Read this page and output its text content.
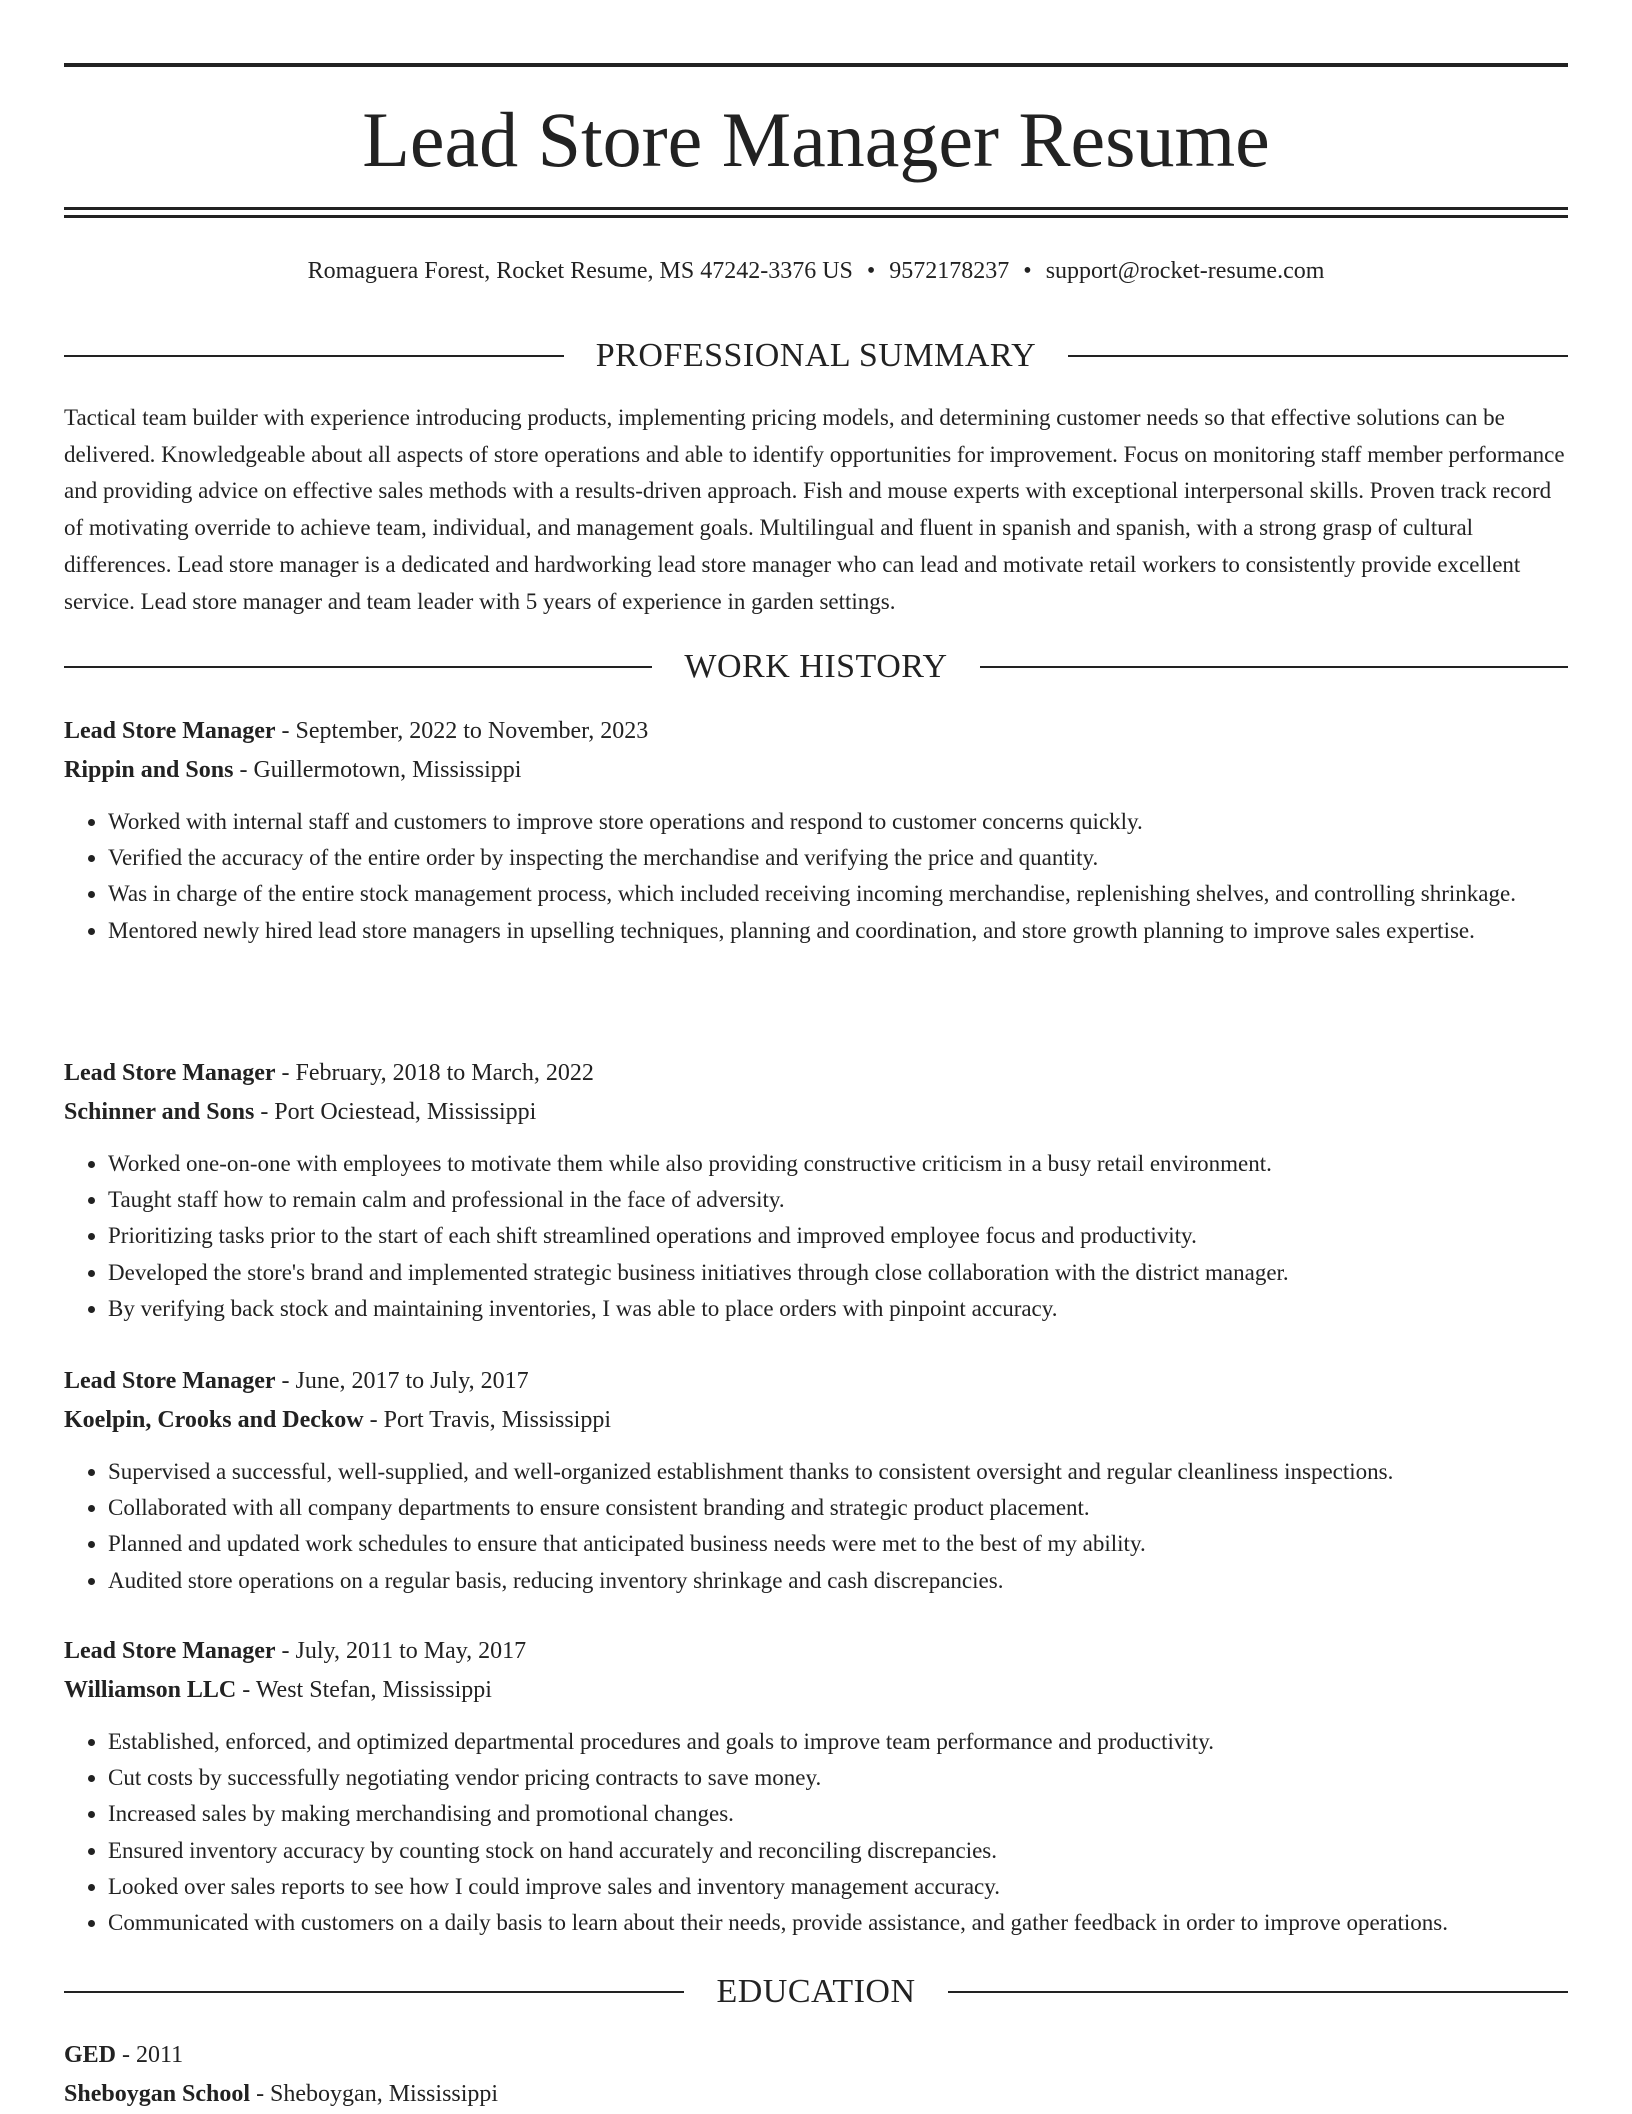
Lead Store Manager Resume
Romaguera Forest, Rocket Resume, MS 47242-3376 US • 9572178237 • support@rocket-resume.com
PROFESSIONAL SUMMARY

Tactical team builder with experience introducing products, implementing pricing models, and determining customer needs so that effective solutions can be delivered. Knowledgeable about all aspects of store operations and able to identify opportunities for improvement. Focus on monitoring staff member performance and providing advice on effective sales methods with a results-driven approach. Fish and mouse experts with exceptional interpersonal skills. Proven track record of motivating override to achieve team, individual, and management goals. Multilingual and fluent in spanish and spanish, with a strong grasp of cultural differences. Lead store manager is a dedicated and hardworking lead store manager who can lead and motivate retail workers to consistently provide excellent service. Lead store manager and team leader with 5 years of experience in garden settings.

WORK HISTORY
Lead Store Manager - September, 2022 to November, 2023
Rippin and Sons - Guillermotown, Mississippi
• Worked with internal staff and customers to improve store operations and respond to customer concerns quickly.
• Verified the accuracy of the entire order by inspecting the merchandise and verifying the price and quantity.
• Was in charge of the entire stock management process, which included receiving incoming merchandise, replenishing shelves, and controlling shrinkage.
• Mentored newly hired lead store managers in upselling techniques, planning and coordination, and store growth planning to improve sales expertise.
Lead Store Manager - February, 2018 to March, 2022
Schinner and Sons - Port Ociestead, Mississippi
• Worked one-on-one with employees to motivate them while also providing constructive criticism in a busy retail environment.
• Taught staff how to remain calm and professional in the face of adversity.
• Prioritizing tasks prior to the start of each shift streamlined operations and improved employee focus and productivity.
• Developed the store's brand and implemented strategic business initiatives through close collaboration with the district manager.
• By verifying back stock and maintaining inventories, I was able to place orders with pinpoint accuracy.
Lead Store Manager - June, 2017 to July, 2017
Koelpin, Crooks and Deckow - Port Travis, Mississippi
• Supervised a successful, well-supplied, and well-organized establishment thanks to consistent oversight and regular cleanliness inspections.
• Collaborated with all company departments to ensure consistent branding and strategic product placement.
• Planned and updated work schedules to ensure that anticipated business needs were met to the best of my ability.
• Audited store operations on a regular basis, reducing inventory shrinkage and cash discrepancies.
Lead Store Manager - July, 2011 to May, 2017
Williamson LLC - West Stefan, Mississippi
• Established, enforced, and optimized departmental procedures and goals to improve team performance and productivity.
• Cut costs by successfully negotiating vendor pricing contracts to save money.
• Increased sales by making merchandising and promotional changes.
• Ensured inventory accuracy by counting stock on hand accurately and reconciling discrepancies.
• Looked over sales reports to see how I could improve sales and inventory management accuracy.
• Communicated with customers on a daily basis to learn about their needs, provide assistance, and gather feedback in order to improve operations.
EDUCATION
GED - 2011
Sheboygan School - Sheboygan, Mississippi
